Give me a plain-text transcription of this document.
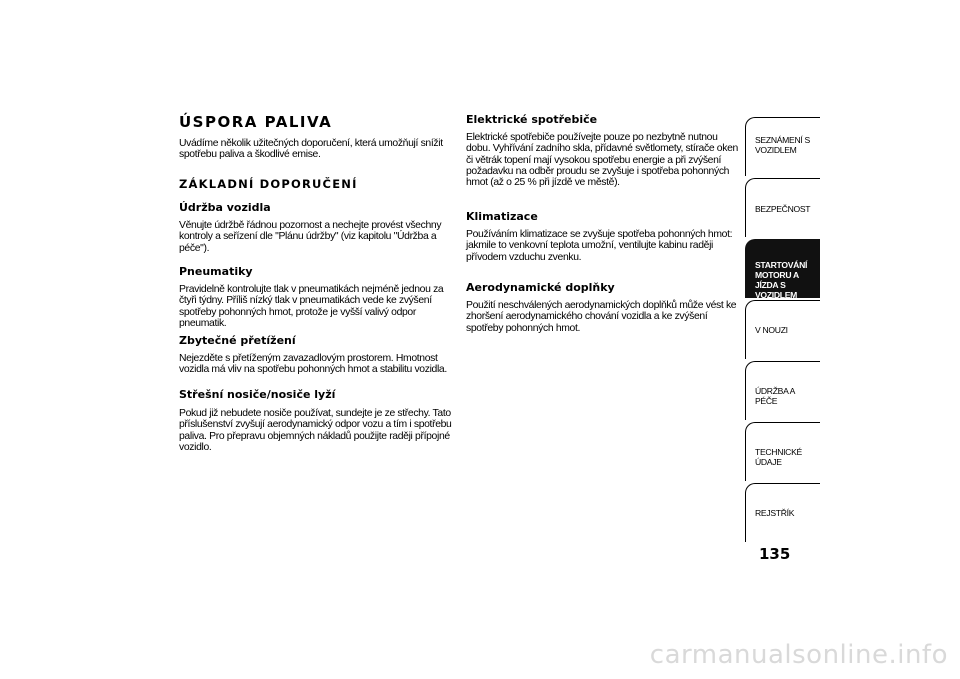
ÚSPORA PALIVA
Uvádíme několik užitečných doporučení, která umožňují snížit spotřebu paliva a škodlivé emise.
ZÁKLADNÍ DOPORUČENÍ
Údržba vozidla
Věnujte údržbě řádnou pozornost a nechejte provést všechny kontroly a seřízení dle "Plánu údržby" (viz kapitolu "Údržba a péče").
Pneumatiky
Pravidelně kontrolujte tlak v pneumatikách nejméně jednou za čtyři týdny. Příliš nízký tlak v pneumatikách vede ke zvýšení spotřeby pohonných hmot, protože je vyšší valivý odpor pneumatik.
Zbytečné přetížení
Nejezděte s přetíženým zavazadlovým prostorem. Hmotnost vozidla má vliv na spotřebu pohonných hmot a stabilitu vozidla.
Střešní nosiče/nosiče lyží
Pokud již nebudete nosiče používat, sundejte je ze střechy. Tato příslušenství zvyšují aerodynamický odpor vozu a tím i spotřebu paliva. Pro přepravu objemných nákladů použijte raději přípojné vozidlo.
Elektrické spotřebiče
Elektrické spotřebiče používejte pouze po nezbytně nutnou dobu. Vyhřívání zadního skla, přídavné světlomety, stírače oken či větrák topení mají vysokou spotřebu energie a při zvýšení požadavku na odběr proudu se zvyšuje i spotřeba pohonných hmot (až o 25 % při jízdě ve městě).
Klimatizace
Používáním klimatizace se zvyšuje spotřeba pohonných hmot: jakmile to venkovní teplota umožní, ventilujte kabinu raději přívodem vzduchu zvenku.
Aerodynamické doplňky
Použití neschválených aerodynamických doplňků může vést ke zhoršení aerodynamického chování vozidla a ke zvýšení spotřeby pohonných hmot.
SEZNÁMENÍ S VOZIDLEM
BEZPEČNOST
STARTOVÁNÍ MOTORU A JÍZDA S VOZIDLEM
V NOUZI
ÚDRŽBA A PÉČE
TECHNICKÉ ÚDAJE
REJSTŘÍK
135
carmanualsonline.info
